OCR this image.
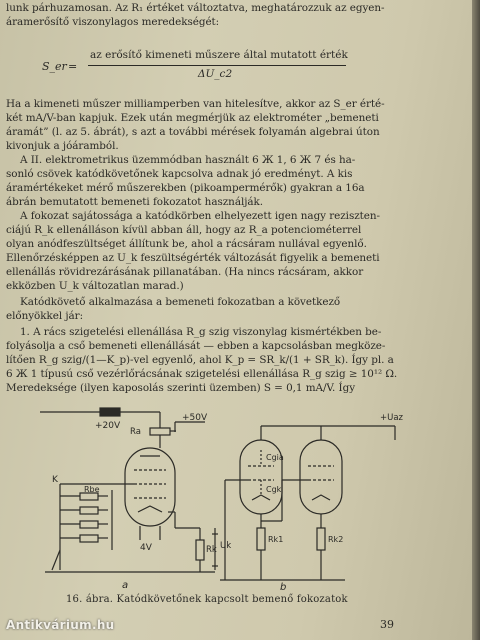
lunk párhuzamosan. Az R₁ értéket változtatva, meghatározzuk az egyen-
áramerősítő viszonylagos meredekségét:
S_er =
az erősítő kimeneti műszere által mutatott érték
ΔU_c2
Ha a kimeneti műszer milliamperben van hitelesítve, akkor az S_er érté-
két mA/V-ban kapjuk. Ezek után megmérjük az elektrométer „bemeneti
áramát” (l. az 5. ábrát), s azt a további mérések folyamán algebrai úton
kivonjuk a jóáramból.
A II. elektrometrikus üzemmódban használt 6 Ж 1, 6 Ж 7 és ha-
sonló csövek katódkövetőnek kapcsolva adnak jó eredményt. A kis
áramértékeket mérő műszerekben (pikoampermérők) gyakran a 16a
ábrán bemutatott bemeneti fokozatot használják.
A fokozat sajátossága a katódkörben elhelyezett igen nagy reziszten-
ciájú R_k ellenálláson kívül abban áll, hogy az R_a potenciométerrel
olyan anódfeszültséget állítunk be, ahol a rácsáram nullával egyenlő.
Ellenőrzésképpen az U_k feszültségérték változását figyelik a bemeneti
ellenállás rövidrezárásának pillanatában. (Ha nincs rácsáram, akkor
ekközben U_k változatlan marad.)
Katódkövető alkalmazása a bemeneti fokozatban a következő
előnyökkel jár:
1. A rács szigetelési ellenállása R_g szig viszonylag kismértékben be-
folyásolja a cső bemeneti ellenállását — ebben a kapcsolásban megköze-
lítően R_g szig/(1—K_p)-vel egyenlő, ahol K_p = SR_k/(1 + SR_k). Így pl. a
6 Ж 1 típusú cső vezérlőrácsának szigetelési ellenállása R_g szig ≥ 10¹² Ω.
Meredeksége (ilyen kaposolás szerinti üzemben) S = 0,1 mA/V. Így
+20V
+50V
Ra
K
Rbe
4V	Rk Uk
a
+Uaz
Cgia
Cgk
Rk1	Rk2
b
16. ábra. Katódkövetőnek kapcsolt bemenő fokozatok
39
Antikvárium.hu
